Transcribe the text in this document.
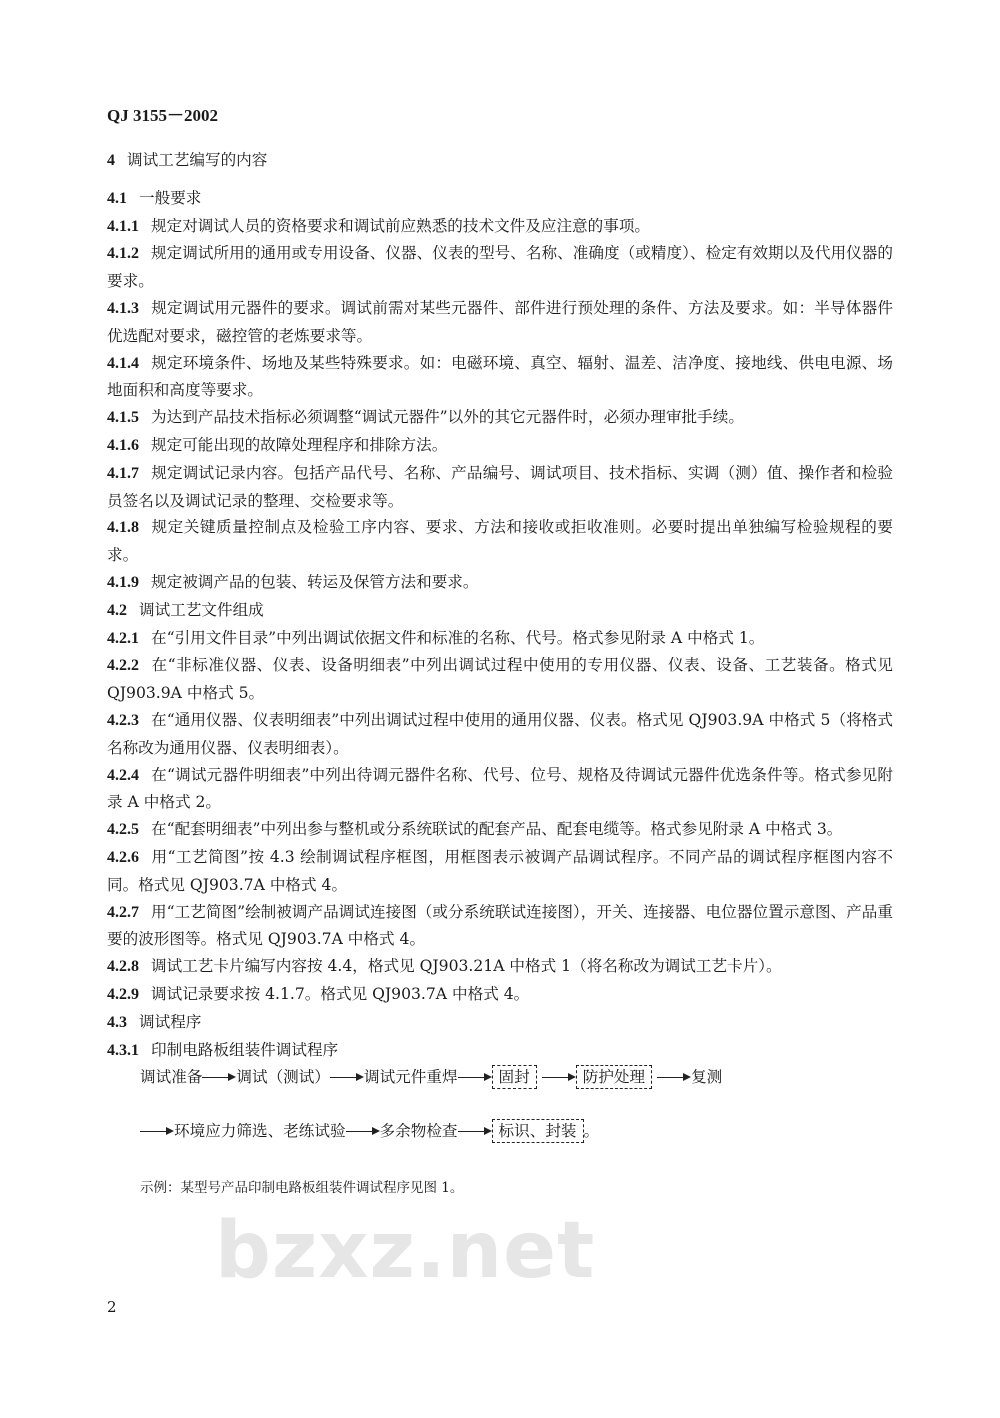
QJ 3155－2002

4 调试工艺编写的内容

4.1 一般要求

4.1.1 规定对调试人员的资格要求和调试前应熟悉的技术文件及应注意的事项。

4.1.2 规定调试所用的通用或专用设备、仪器、仪表的型号、名称、准确度（或精度）、检定有效期以及代用仪器的要求。

4.1.3 规定调试用元器件的要求。调试前需对某些元器件、部件进行预处理的条件、方法及要求。如：半导体器件优选配对要求，磁控管的老炼要求等。

4.1.4 规定环境条件、场地及某些特殊要求。如：电磁环境、真空、辐射、温差、洁净度、接地线、供电电源、场地面积和高度等要求。

4.1.5 为达到产品技术指标必须调整“调试元器件”以外的其它元器件时，必须办理审批手续。

4.1.6 规定可能出现的故障处理程序和排除方法。

4.1.7 规定调试记录内容。包括产品代号、名称、产品编号、调试项目、技术指标、实调（测）值、操作者和检验员签名以及调试记录的整理、交检要求等。

4.1.8 规定关键质量控制点及检验工序内容、要求、方法和接收或拒收准则。必要时提出单独编写检验规程的要求。

4.1.9 规定被调产品的包装、转运及保管方法和要求。

4.2 调试工艺文件组成

4.2.1 在“引用文件目录”中列出调试依据文件和标准的名称、代号。格式参见附录 A 中格式 1。

4.2.2 在“非标准仪器、仪表、设备明细表”中列出调试过程中使用的专用仪器、仪表、设备、工艺装备。格式见 QJ903.9A 中格式 5。

4.2.3 在“通用仪器、仪表明细表”中列出调试过程中使用的通用仪器、仪表。格式见 QJ903.9A 中格式 5（将格式名称改为通用仪器、仪表明细表）。

4.2.4 在“调试元器件明细表”中列出待调元器件名称、代号、位号、规格及待调试元器件优选条件等。格式参见附录 A 中格式 2。

4.2.5 在“配套明细表”中列出参与整机或分系统联试的配套产品、配套电缆等。格式参见附录 A 中格式 3。

4.2.6 用“工艺简图”按 4.3 绘制调试程序框图，用框图表示被调产品调试程序。不同产品的调试程序框图内容不同。格式见 QJ903.7A 中格式 4。

4.2.7 用“工艺简图”绘制被调产品调试连接图（或分系统联试连接图），开关、连接器、电位器位置示意图、产品重要的波形图等。格式见 QJ903.7A 中格式 4。

4.2.8 调试工艺卡片编写内容按 4.4，格式见 QJ903.21A 中格式 1（将名称改为调试工艺卡片）。

4.2.9 调试记录要求按 4.1.7。格式见 QJ903.7A 中格式 4。

4.3 调试程序

4.3.1 印制电路板组装件调试程序

调试准备 调试（测试） 调试元件重焊	固封	防护处理	复测
环境应力筛选、老练试验 多余物检查	标识、封装 。

示例：某型号产品印制电路板组装件调试程序见图 1。

bzxz.net
2
